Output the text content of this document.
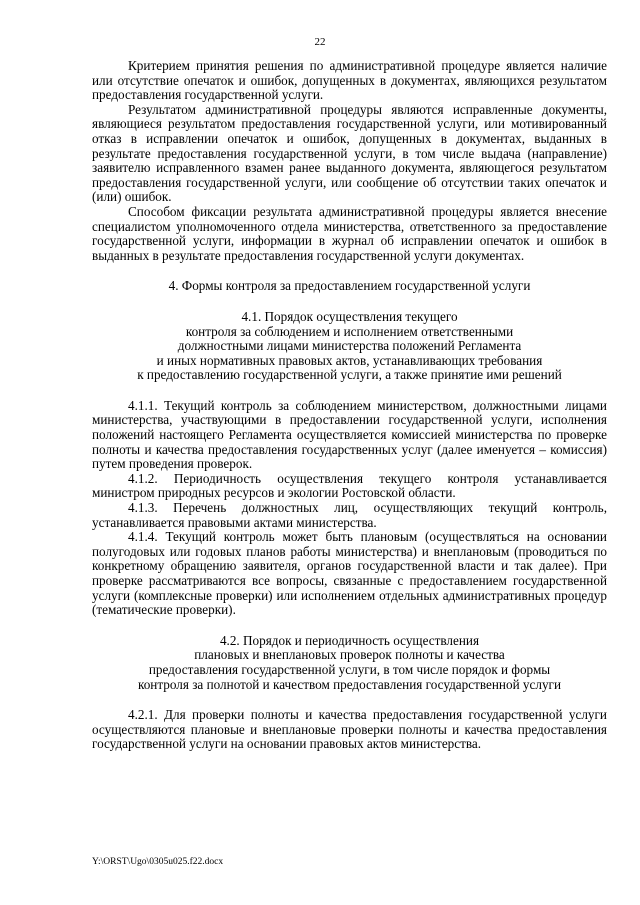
22

Критерием принятия решения по административной процедуре является наличие или отсутствие опечаток и ошибок, допущенных в документах, являющихся результатом предоставления государственной услуги.

Результатом административной процедуры являются исправленные документы, являющиеся результатом предоставления государственной услуги, или мотивированный отказ в исправлении опечаток и ошибок, допущенных в документах, выданных в результате предоставления государственной услуги, в том числе выдача (направление) заявителю исправленного взамен ранее выданного документа, являющегося результатом предоставления государственной услуги, или сообщение об отсутствии таких опечаток и (или) ошибок.

Способом фиксации результата административной процедуры является внесение специалистом уполномоченного отдела министерства, ответственного за предоставление государственной услуги, информации в журнал об исправлении опечаток и ошибок в выданных в результате предоставления государственной услуги документах.

4. Формы контроля за предоставлением государственной услуги

4.1. Порядок осуществления текущего

контроля за соблюдением и исполнением ответственными

должностными лицами министерства положений Регламента

и иных нормативных правовых актов, устанавливающих требования

к предоставлению государственной услуги, а также принятие ими решений

4.1.1. Текущий контроль за соблюдением министерством, должностными лицами министерства, участвующими в предоставлении государственной услуги, исполнения положений настоящего Регламента осуществляется комиссией министерства по проверке полноты и качества предоставления государственных услуг (далее именуется – комиссия) путем проведения проверок.

4.1.2. Периодичность осуществления текущего контроля устанавливается министром природных ресурсов и экологии Ростовской области.

4.1.3. Перечень должностных лиц, осуществляющих текущий контроль, устанавливается правовыми актами министерства.

4.1.4. Текущий контроль может быть плановым (осуществляться на основании полугодовых или годовых планов работы министерства) и внеплановым (проводиться по конкретному обращению заявителя, органов государственной власти и так далее). При проверке рассматриваются все вопросы, связанные с предоставлением государственной услуги (комплексные проверки) или исполнением отдельных административных процедур (тематические проверки).

4.2. Порядок и периодичность осуществления

плановых и внеплановых проверок полноты и качества

предоставления государственной услуги, в том числе порядок и формы

контроля за полнотой и качеством предоставления государственной услуги

4.2.1. Для проверки полноты и качества предоставления государственной услуги осуществляются плановые и внеплановые проверки полноты и качества предоставления государственной услуги на основании правовых актов министерства.

Y:\ORST\Ugo\0305u025.f22.docx
